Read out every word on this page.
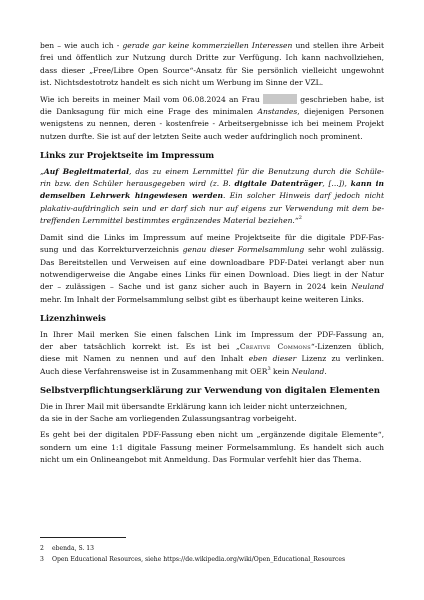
ben – wie auch ich - gerade gar keine kommerziellen Interessen und stellen ihre Arbeit
frei und öffentlich zur Nutzung durch Dritte zur Verfügung. Ich kann nachvollziehen,
dass dieser „Free/Libre Open Source“-Ansatz für Sie persönlich vielleicht ungewohnt
ist. Nichtsdestotrotz handelt es sich nicht um Werbung im Sinne der VZL.
Wie ich bereits in meiner Mail vom 06.08.2024 an Frau	geschrieben habe, ist
die Danksagung für mich eine Frage des minimalen Anstandes, diejenigen Personen
wenigstens zu nennen, deren - kostenfreie - Arbeitsergebnisse ich bei meinem Projekt
nutzen durfte. Sie ist auf der letzten Seite auch weder aufdringlich noch prominent.
Links zur Projektseite im Impressum
„Auf Begleitmaterial, das zu einem Lernmittel für die Benutzung durch die Schüle-
rin bzw. den Schüler herausgegeben wird (z. B. digitale Datenträger, [...]), kann in
demselben Lehrwerk hingewiesen werden. Ein solcher Hinweis darf jedoch nicht
plakativ-aufdringlich sein und er darf sich nur auf eigens zur Verwendung mit dem be-
treffenden Lernmittel bestimmtes ergänzendes Material beziehen.“$^2$
Damit sind die Links im Impressum auf meine Projektseite für die digitale PDF-Fas-
sung und das Korrekturverzeichnis genau dieser Formelsammlung sehr wohl zulässig.
Das Bereitstellen und Verweisen auf eine downloadbare PDF-Datei verlangt aber nun
notwendigerweise die Angabe eines Links für einen Download. Dies liegt in der Natur
der – zulässigen – Sache und ist ganz sicher auch in Bayern in 2024 kein Neuland
mehr. Im Inhalt der Formelsammlung selbst gibt es überhaupt keine weiteren Links.
Lizenzhinweis
In Ihrer Mail merken Sie einen falschen Link im Impressum der PDF-Fassung an,
der aber tatsächlich korrekt ist. Es ist bei „Creative Commons“-Lizenzen üblich,
diese mit Namen zu nennen und auf den Inhalt eben dieser Lizenz zu verlinken.
Auch diese Verfahrensweise ist in Zusammenhang mit OER$^3$ kein Neuland.
Selbstverpflichtungserklärung zur Verwendung von digitalen Elementen
Die in Ihrer Mail mit übersandte Erklärung kann ich leider nicht unterzeichnen,
da sie in der Sache am vorliegenden Zulassungsantrag vorbeigeht.
Es geht bei der digitalen PDF-Fassung eben nicht um „ergänzende digitale Elemente“,
sondern um eine 1:1 digitale Fassung meiner Formelsammlung. Es handelt sich auch
nicht um ein Onlineangebot mit Anmeldung. Das Formular verfehlt hier das Thema.
2 ebenda, S. 13
3 Open Educational Resources, siehe https://de.wikipedia.org/wiki/Open_Educational_Resources
